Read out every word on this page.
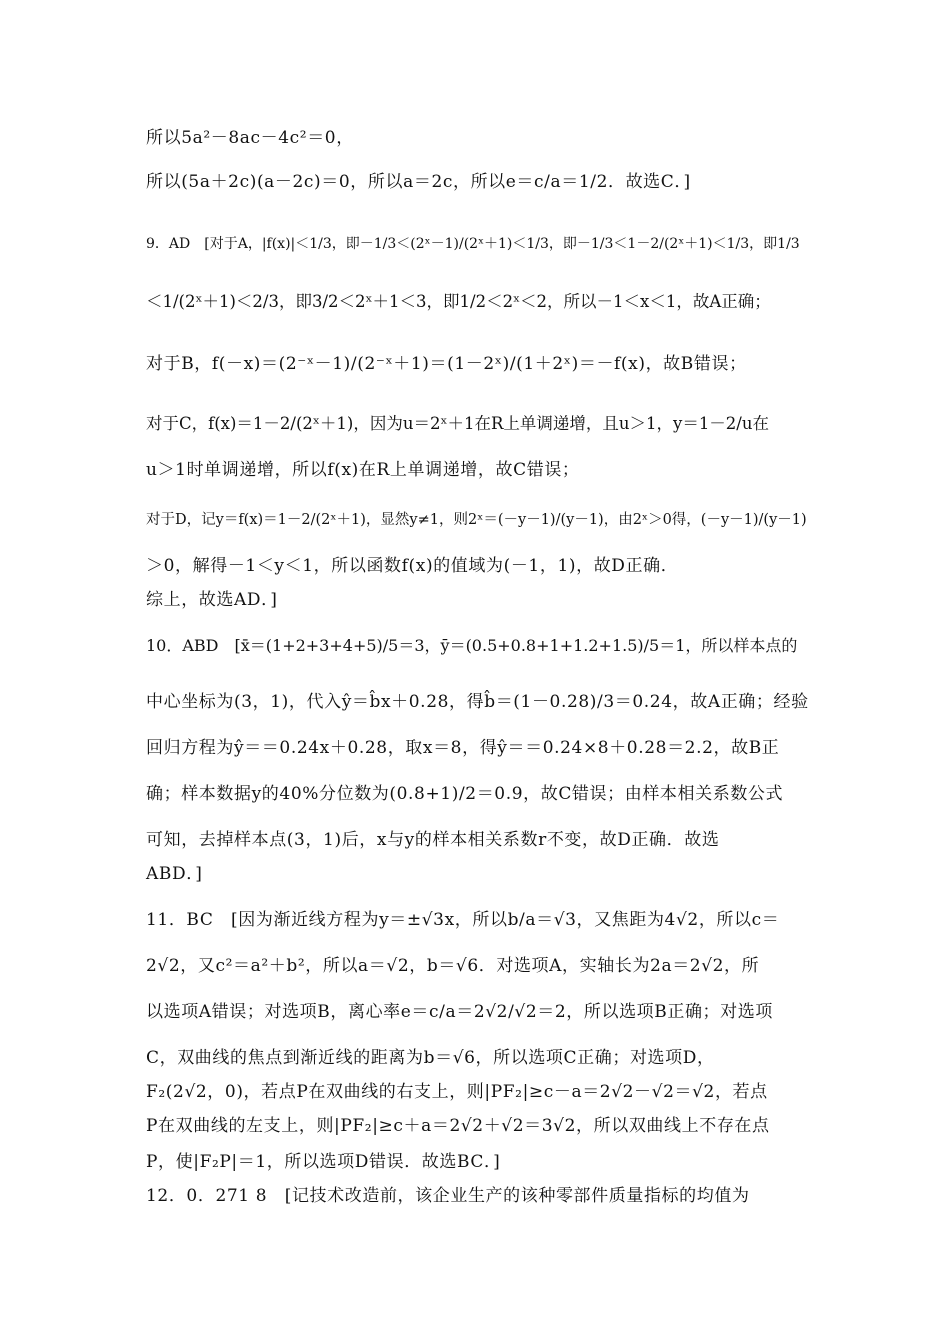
所以5a²－8ac－4c²＝0，
所以(5a＋2c)(a－2c)＝0，所以a＝2c，所以e＝c/a＝1/2．故选C．]
9．AD　[对于A，|f(x)|＜1/3，即－1/3＜(2ˣ－1)/(2ˣ＋1)＜1/3，即－1/3＜1－2/(2ˣ＋1)＜1/3，即1/3
＜1/(2ˣ＋1)＜2/3，即3/2＜2ˣ＋1＜3，即1/2＜2ˣ＜2，所以－1＜x＜1，故A正确；
对于B，f(－x)＝(2⁻ˣ－1)/(2⁻ˣ＋1)＝(1－2ˣ)/(1＋2ˣ)＝－f(x)，故B错误；
对于C，f(x)＝1－2/(2ˣ＋1)，因为u＝2ˣ＋1在R上单调递增，且u＞1，y＝1－2/u在
u＞1时单调递增，所以f(x)在R上单调递增，故C错误；
对于D，记y＝f(x)＝1－2/(2ˣ＋1)，显然y≠1，则2ˣ＝(－y－1)/(y－1)，由2ˣ＞0得，(－y－1)/(y－1)
＞0，解得－1＜y＜1，所以函数f(x)的值域为(－1，1)，故D正确．
综上，故选AD．]
10．ABD　[x̄＝(1+2+3+4+5)/5＝3，ȳ＝(0.5+0.8+1+1.2+1.5)/5＝1，所以样本点的
中心坐标为(3，1)，代入ŷ＝b̂x＋0.28，得b̂＝(1－0.28)/3＝0.24，故A正确；经验
回归方程为ŷ＝＝0.24x＋0.28，取x＝8，得ŷ＝＝0.24×8＋0.28＝2.2，故B正
确；样本数据y的40%分位数为(0.8+1)/2＝0.9，故C错误；由样本相关系数公式
可知，去掉样本点(3，1)后，x与y的样本相关系数r不变，故D正确．故选
ABD．]
11．BC　[因为渐近线方程为y＝±√3x，所以b/a＝√3，又焦距为4√2，所以c＝
2√2，又c²＝a²＋b²，所以a＝√2，b＝√6．对选项A，实轴长为2a＝2√2，所
以选项A错误；对选项B，离心率e＝c/a＝2√2/√2＝2，所以选项B正确；对选项
C，双曲线的焦点到渐近线的距离为b＝√6，所以选项C正确；对选项D，
F₂(2√2，0)，若点P在双曲线的右支上，则|PF₂|≥c－a＝2√2－√2＝√2，若点
P在双曲线的左支上，则|PF₂|≥c＋a＝2√2＋√2＝3√2，所以双曲线上不存在点
P，使|F₂P|＝1，所以选项D错误．故选BC．]
12．0．271 8　[记技术改造前，该企业生产的该种零部件质量指标的均值为
